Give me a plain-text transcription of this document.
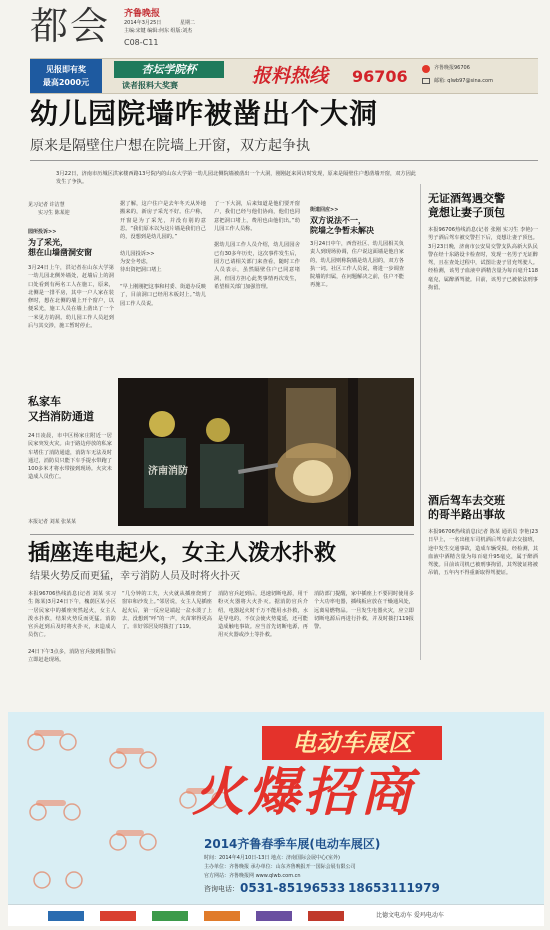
都会 齐鲁晚报
2014年3月25日	星期二
主编:宋键 编辑:何东 组版:刘杰
C08-C11
见报即有奖
最高2000元
杏坛学院杯
读者报料大奖赛	报料热线 96706	齐鲁晚报96706
邮箱: qlwb97@sina.com
幼儿园院墙咋被凿出个大洞
原来是隔壁住户想在院墙上开窗，双方起争执
3月22日，济南市历城区洪家楼西路13号院内的山东大学第一幼儿园北侧院墙被凿出一个大洞，刚刚赶来回访时发现，原来是隔壁住户想凿墙开窗，双方因此发生了争执。
见习记者 许洁慧
实习生 陈某迎
园所投诉>>
为了采光，
想在山墙凿洞安窗
3月24日上午，洪记者在山东大学第一幼儿园北侧外墙处，赶墙后上的洞口处看到有两名工人在施工，原来，北侧是一排平房，其中一户人家在装修时，想在北侧的墙上开个窗户，以便采光，施工人员在墙上凿出了一个一米见方的洞。幼儿园工作人员赶到后与其交涉，施工暂时停止。
据了解，这户住户是去年冬天从外地搬来的，新房子采光不好。住户称，开窗是为了采光，并没有别的意思。“我们原本以为这片墙是我们自己的，没想到是幼儿园的。”

幼儿园投诉>>
为安全考虑，
待出资把洞口堵上

“早上刚刚把这事和村委、街道办反映了，目前洞口已经用木板封上。”幼儿园工作人员说。
了一下大洞，后来知道是他们要开窗户，我们已经与他们协商，他们也同意把洞口堵上，费用也由他们出。”幼儿园工作人员称。

据幼儿园工作人员介绍，幼儿园园舍已有30多年历史，这次事件发生后，园方已请相关部门来查看，随时工作人员表示，虽然隔壁住户已同意堵洞，但园方担心此类事情再次发生，希望相关部门加强管理。
街道回应>>
双方说法不一，
院墙之争暂未解决
3月24日中午，西营社区、幼儿园相关负责人到现场协调，住户说这面墙是他自家的，幼儿园则称院墙是幼儿园的，双方各执一词。社区工作人员说，将进一步调查院墙的归属，在问题解决之前，住户不能再施工。
无证酒驾遇交警
竟想让妻子顶包
本报96706热线消息(记者 张刚 实习生 李艳)一男子酒后驾车被交警拦下后，竟想让妻子顶包。3月23日晚，济南市公安局交警支队高新大队民警在经十东路设卡检查时，发现一名男子无证醉驾，且在查处过程中，试图让妻子冒充驾驶人。经检测，该男子血液中酒精含量为每百毫升118毫克，属醉酒驾驶。目前，该男子已被依法刑事拘留。
酒后驾车去交班
的哥半路出事故
本报96706热线消息(记者 陈某 通讯员 李艳)23日早上，一名出租车司机酒后驾车前去交接班，途中发生交通事故，造成车辆受损。经检测，其血液中酒精含量为每百毫升95毫克，属于醉酒驾驶。目前该司机已被刑事拘留，其驾驶证将被吊销，五年内不得重新取得驾驶证。
私家车
又挡消防通道
24日凌晨，市中区杨家庄附近一居民家突发火灾。由于路边停放的私家车堵住了消防通道，消防车无法及时通过，消防员只能下车手提水带跑了100多米才将水带接到现场。火灾未造成人员伤亡。
本报记者 刘某 张某某
济南消防
插座连电起火，女主人泼水扑救
结果火势反而更猛，幸亏消防人员及时将火扑灭
本报96706热线消息(记者 刘某 实习生 陈某)3月24日下午，槐荫区某小区一居民家中的插座突然起火，女主人泼水扑救，结果火势反而更猛。消防官兵赶到后及时将火扑灭，未造成人员伤亡。

24日下午3点多，消防官兵接到报警后立即赶赴现场。
“几分钟的工夫，大火就从插座烧到了窗帘和沙发上。”邻居说，女主人见插座起火后，第一反应是端起一盆水泼了上去，没想到“呼”的一声，火苗窜得更高了。幸好邻居及时拨打了119。
消防官兵赶到后，迅速切断电源，用干粉灭火器将大火扑灭。据消防官兵介绍，电器起火时千万不能用水扑救，水是导电的，不仅会使火势蔓延，还可能造成触电事故。应当首先切断电源，再用灭火器或沙土等扑救。
消防部门提醒，家中插座上不要同时使用多个大功率电器，插线板应放在干燥通风处，远离易燃物品。一旦发生电器火灾，应立即切断电源后再进行扑救，并及时拨打119报警。
电动车展区
火爆招商
2014齐鲁春季车展(电动车展区)
时间：2014年4月10日-13日 地点：济南国际会展中心(室外)
主办单位：齐鲁晚报 承办单位：山东齐鲁晚报开一国际会展有限公司
官方网站：齐鲁晚报网 www.qlwb.com.cn
咨询电话： 0531-85196533 18653111979
比德文电动车 爱玛电动车
